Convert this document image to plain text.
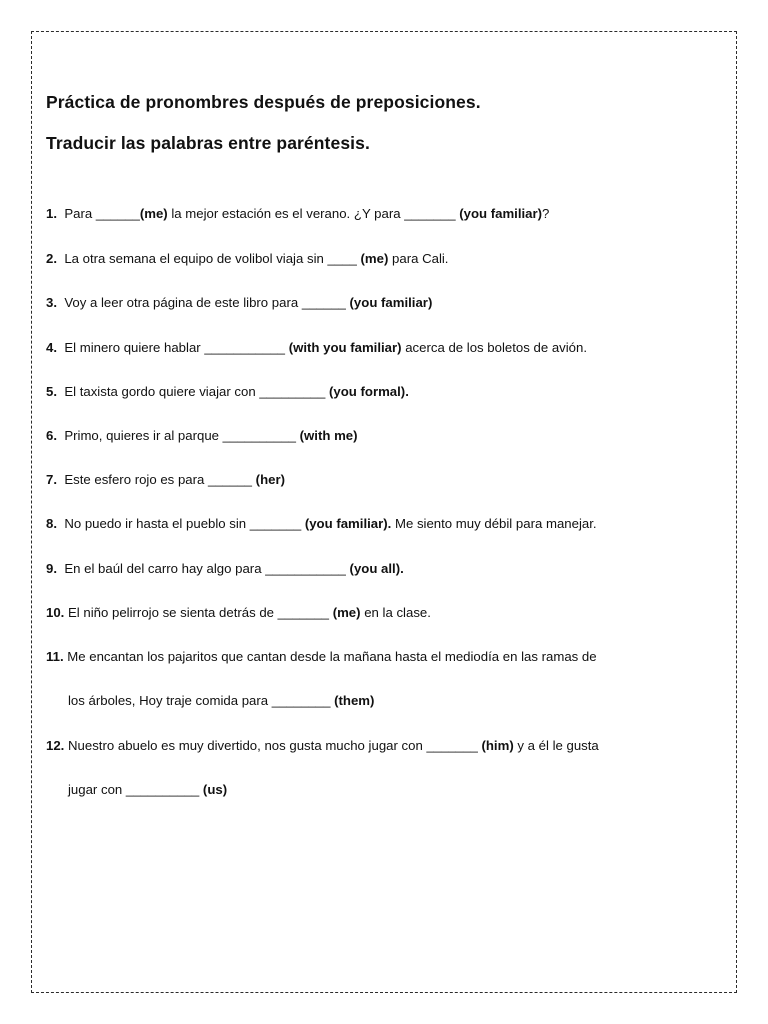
Práctica de pronombres después de preposiciones.
Traducir las palabras entre paréntesis.
1. Para ______(me) la mejor estación es el verano. ¿Y para _______ (you familiar)?
2. La otra semana el equipo de volibol viaja sin ____ (me) para Cali.
3. Voy a leer otra página de este libro para ______ (you familiar)
4. El minero quiere hablar ___________ (with you familiar) acerca de los boletos de avión.
5. El taxista gordo quiere viajar con _________ (you formal).
6. Primo, quieres ir al parque __________ (with me)
7. Este esfero rojo es para ______ (her)
8. No puedo ir hasta el pueblo sin _______ (you familiar). Me siento muy débil para manejar.
9. En el baúl del carro hay algo para ___________ (you all).
10. El niño pelirrojo se sienta detrás de _______ (me) en la clase.
11. Me encantan los pajaritos que cantan desde la mañana hasta el mediodía en las ramas de
los árboles, Hoy traje comida para ________ (them)
12. Nuestro abuelo es muy divertido, nos gusta mucho jugar con _______ (him) y a él le gusta
jugar con __________ (us)
